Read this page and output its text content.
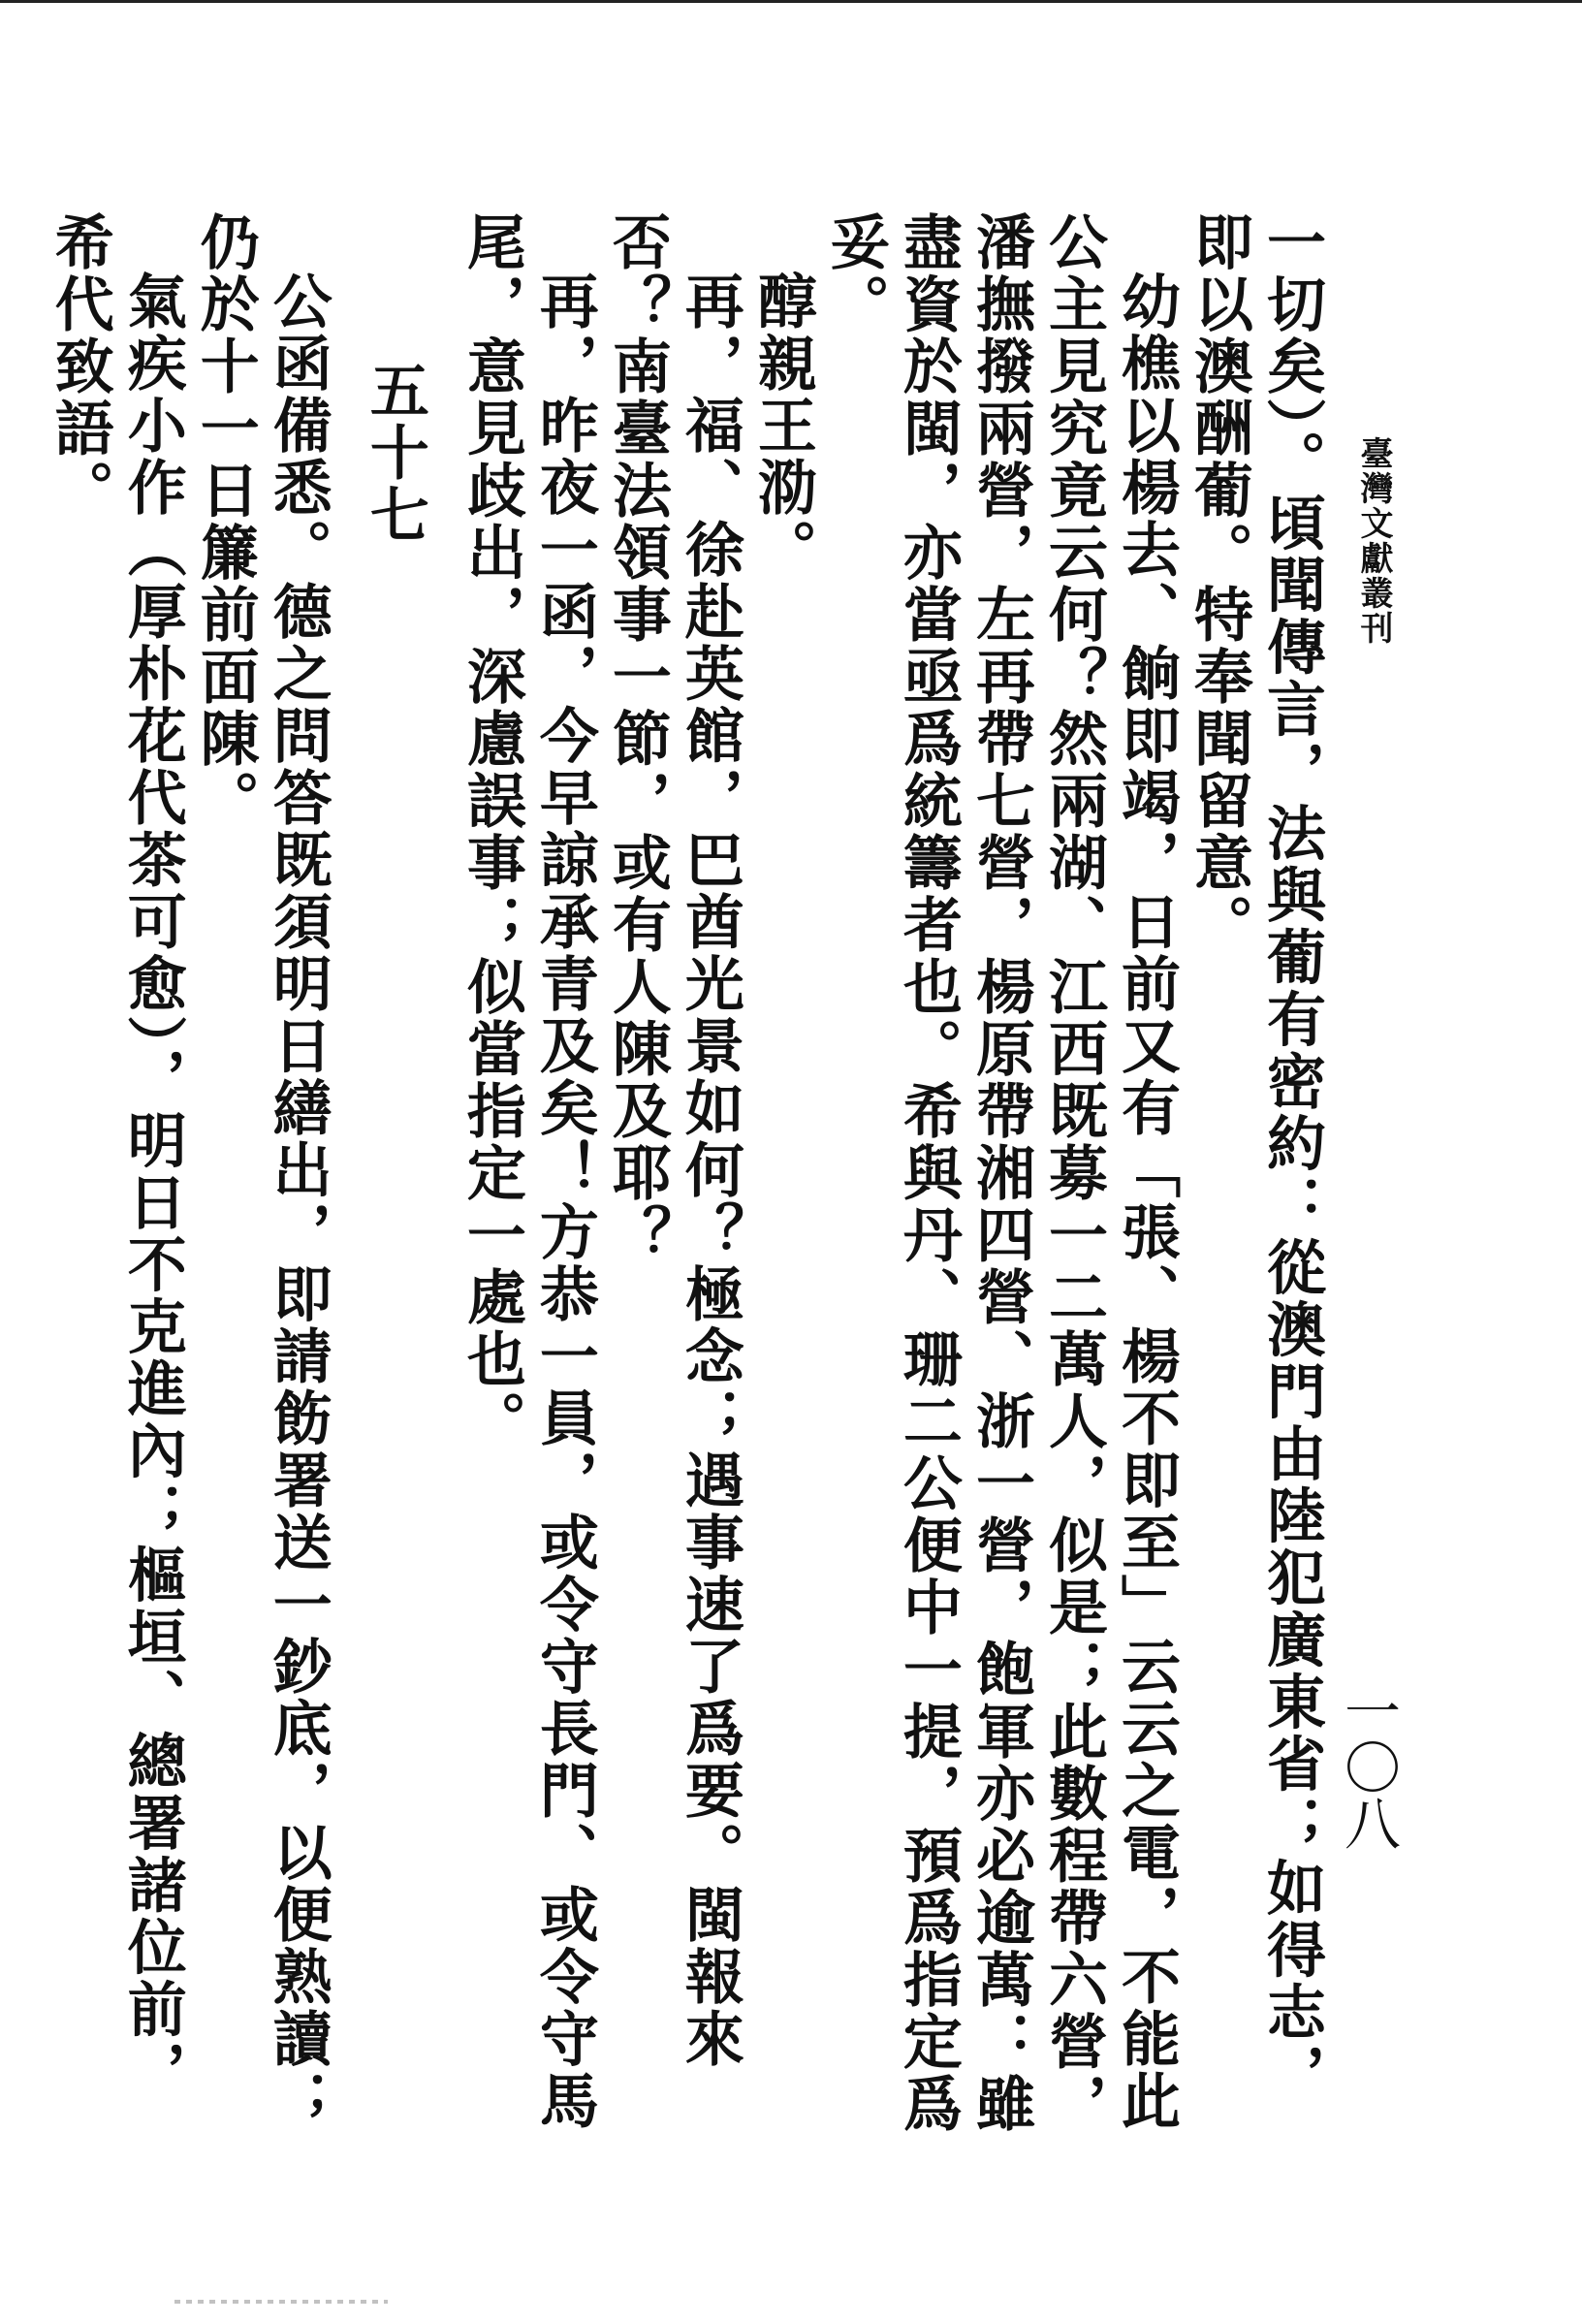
臺灣文獻叢刊
一〇八

一切矣）。頃聞傳言，法與葡有密約：從澳門由陸犯廣東省；如得志，即以澳酬葡。特奉聞留意。

幼樵以楊去、餉即竭，日前又有「張、楊不即至」云云之電，不能此公主見究竟云何？然兩湖、江西既募一二萬人，似是；此數程帶六營，潘撫撥兩營，左再帶七營，楊原帶湘四營、浙一營，飽軍亦必逾萬：雖盡資於閩，亦當亟爲統籌者也。希與丹、珊二公便中一提，預爲指定爲妥。

醇親王泐。

再，福、徐赴英館，巴酋光景如何？極念；遇事速了爲要。閩報來否？南臺法領事一節，或有人陳及耶？

再，昨夜一函，今早諒承青及矣！方恭一員，或令守長門、或令守馬尾，意見歧出，深慮誤事；似當指定一處也。

五十七

公函備悉。德之問答既須明日繕出，即請飭署送一鈔底，以便熟讀；仍於十一日簾前面陳。

氣疾小作（厚朴花代茶可愈），明日不克進內；樞垣、總署諸位前，希代致語。
